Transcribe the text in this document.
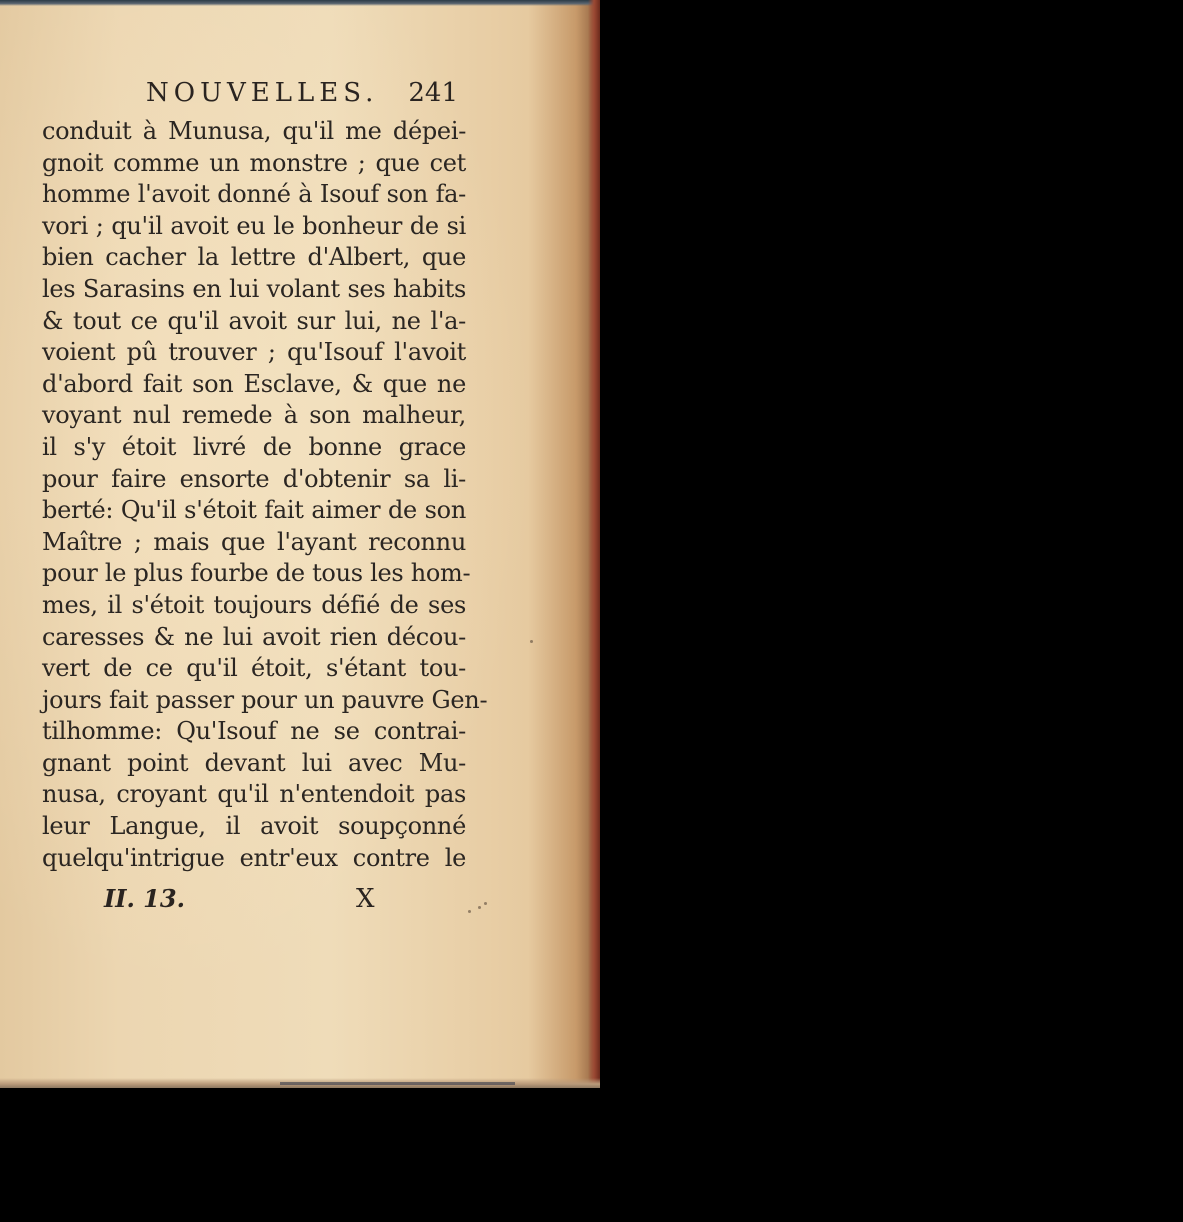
NOUVELLES. 241
conduit à Munusa, qu'il me dépei-
gnoit comme un monstre ; que cet
homme l'avoit donné à Isouf son fa-
vori ; qu'il avoit eu le bonheur de si
bien cacher la lettre d'Albert, que
les Sarasins en lui volant ses habits
& tout ce qu'il avoit sur lui, ne l'a-
voient pû trouver ; qu'Isouf l'avoit
d'abord fait son Esclave, & que ne
voyant nul remede à son malheur,
il s'y étoit livré de bonne grace
pour faire ensorte d'obtenir sa li-
berté: Qu'il s'étoit fait aimer de son
Maître ; mais que l'ayant reconnu
pour le plus fourbe de tous les hom-
mes, il s'étoit toujours défié de ses
caresses & ne lui avoit rien décou-
vert de ce qu'il étoit, s'étant tou-
jours fait passer pour un pauvre Gen-
tilhomme: Qu'Isouf ne se contrai-
gnant point devant lui avec Mu-
nusa, croyant qu'il n'entendoit pas
leur Langue, il avoit soupçonné
quelqu'intrigue entr'eux contre le
II. 13.	X
